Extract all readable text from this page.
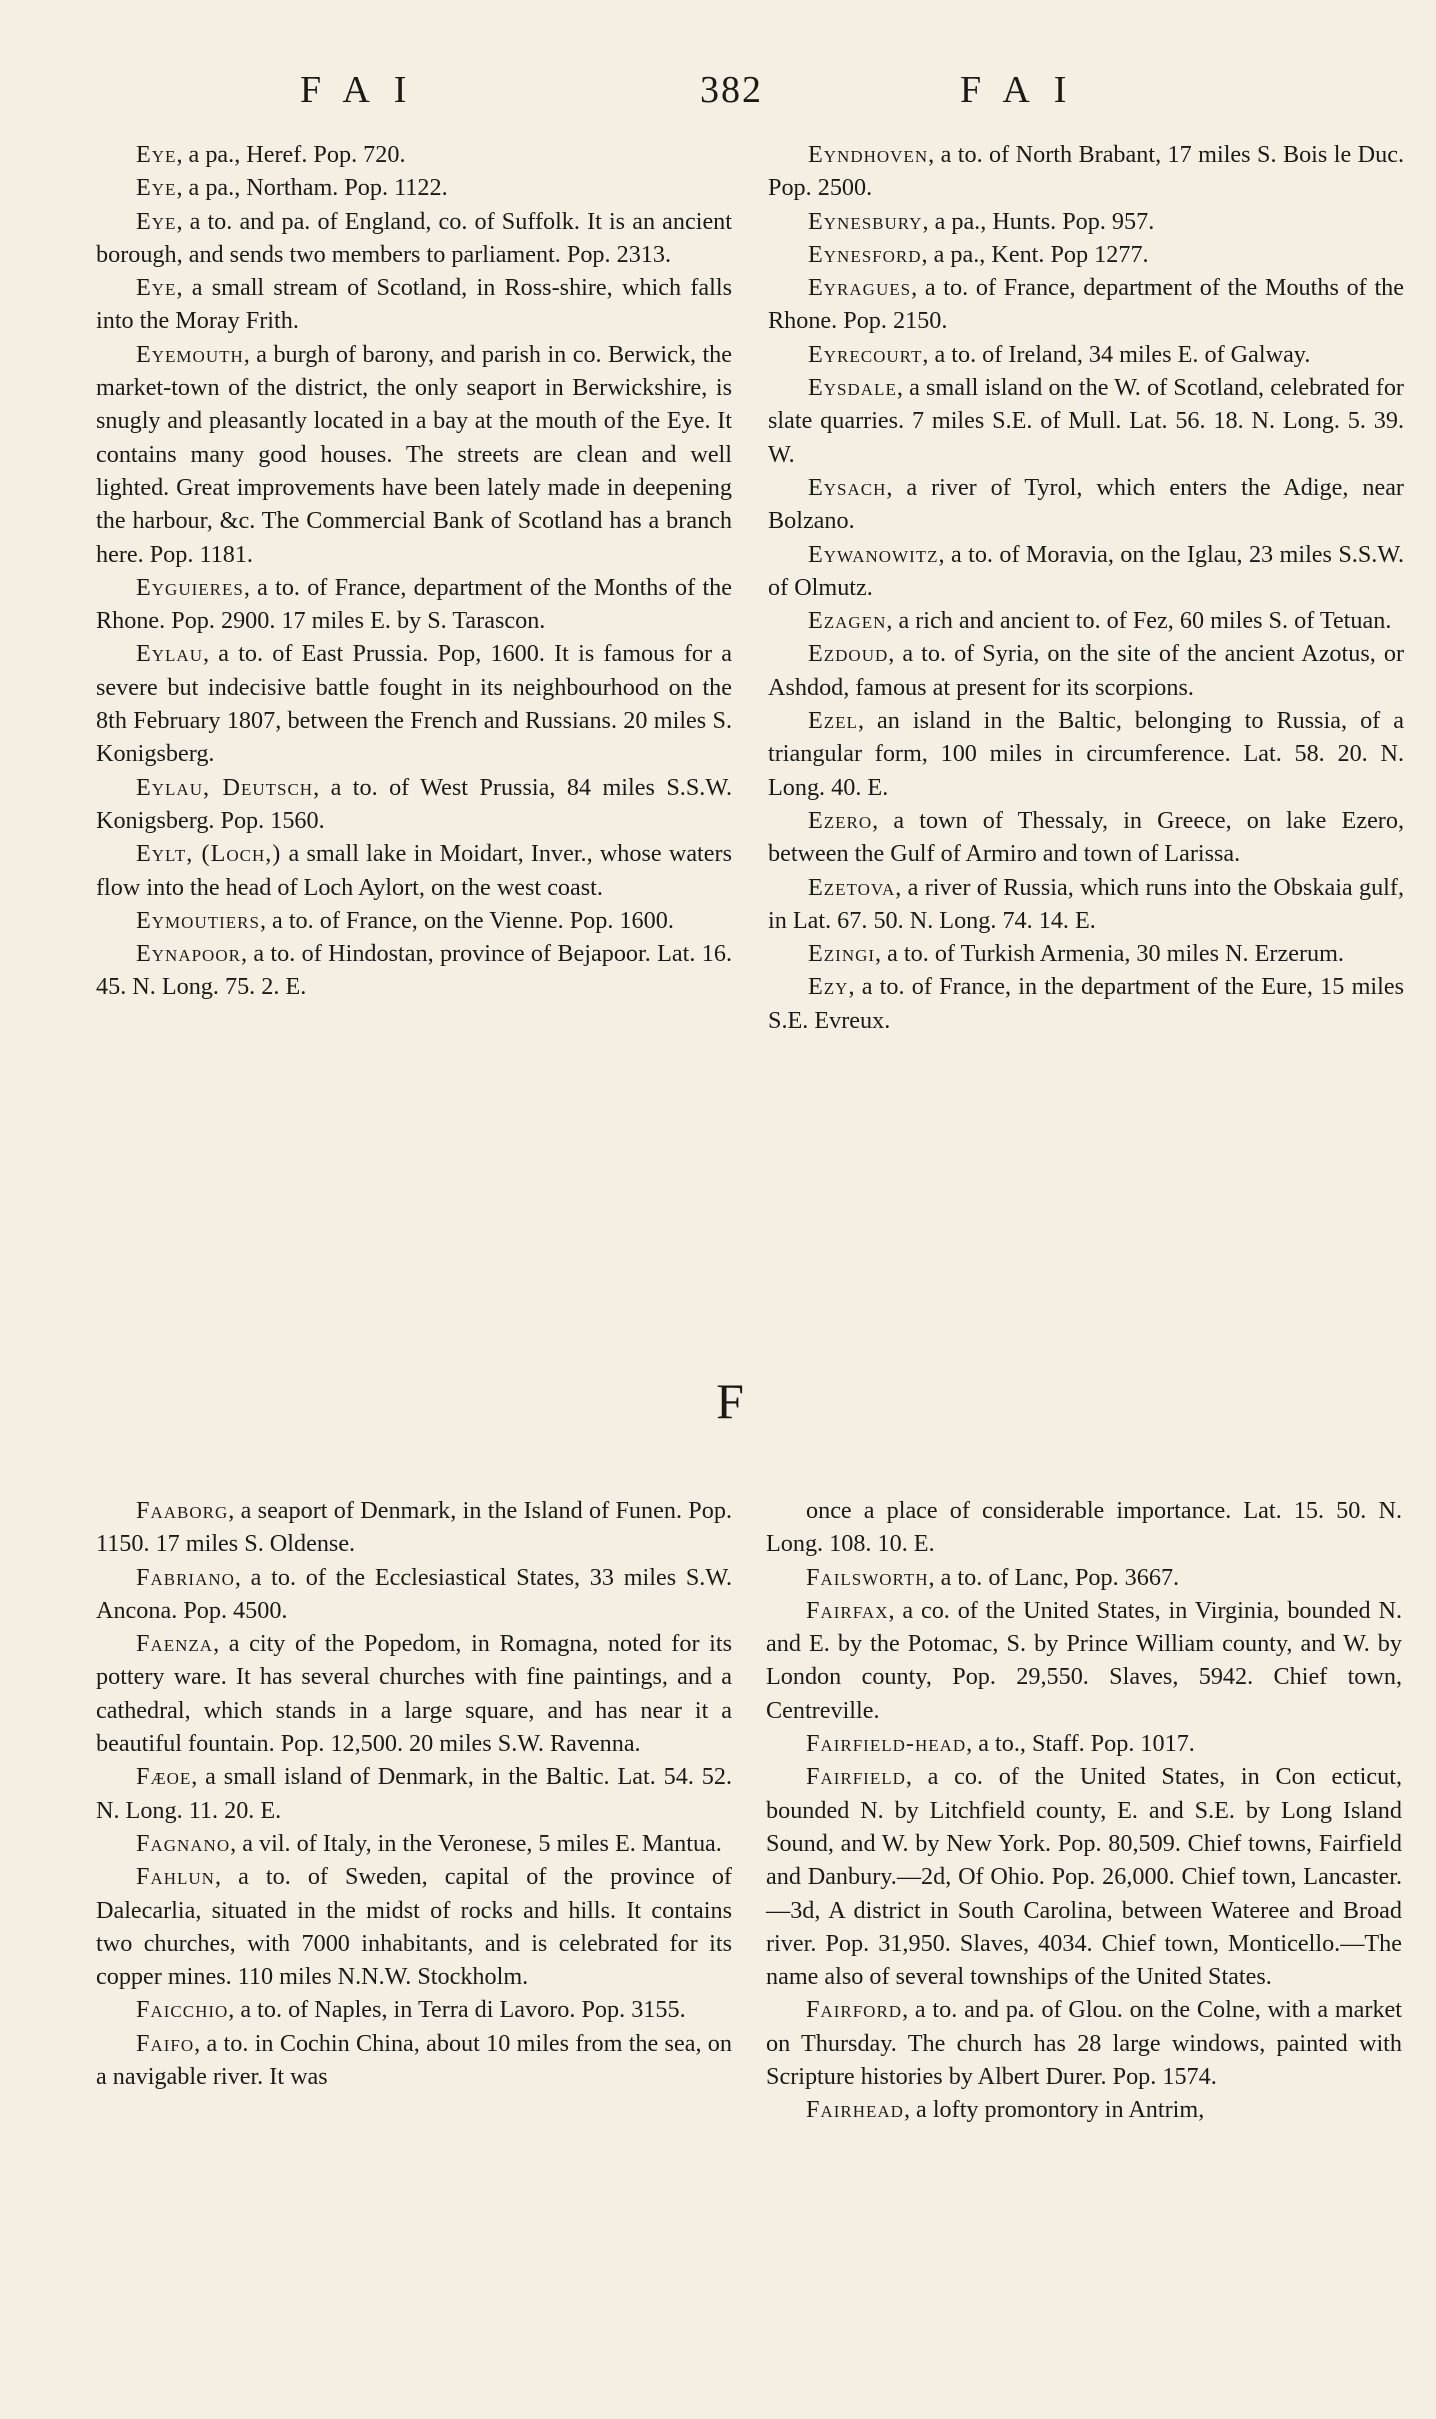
FAI	382	FAI

Eye, a pa., Heref. Pop. 720.

Eye, a pa., Northam. Pop. 1122.

Eye, a to. and pa. of England, co. of Suffolk. It is an ancient borough, and sends two members to parliament. Pop. 2313.

Eye, a small stream of Scotland, in Ross-shire, which falls into the Moray Frith.

Eyemouth, a burgh of barony, and parish in co. Berwick, the market-town of the district, the only seaport in Berwickshire, is snugly and pleasantly located in a bay at the mouth of the Eye. It contains many good houses. The streets are clean and well lighted. Great improvements have been lately made in deepening the harbour, &c. The Commercial Bank of Scotland has a branch here. Pop. 1181.

Eyguieres, a to. of France, department of the Months of the Rhone. Pop. 2900. 17 miles E. by S. Tarascon.

Eylau, a to. of East Prussia. Pop, 1600. It is famous for a severe but indecisive battle fought in its neighbourhood on the 8th February 1807, between the French and Russians. 20 miles S. Konigsberg.

Eylau, Deutsch, a to. of West Prussia, 84 miles S.S.W. Konigsberg. Pop. 1560.

Eylt, (Loch,) a small lake in Moidart, Inver., whose waters flow into the head of Loch Aylort, on the west coast.

Eymoutiers, a to. of France, on the Vienne. Pop. 1600.

Eynapoor, a to. of Hindostan, province of Bejapoor. Lat. 16. 45. N. Long. 75. 2. E.

Eyndhoven, a to. of North Brabant, 17 miles S. Bois le Duc. Pop. 2500.

Eynesbury, a pa., Hunts. Pop. 957.

Eynesford, a pa., Kent. Pop 1277.

Eyragues, a to. of France, department of the Mouths of the Rhone. Pop. 2150.

Eyrecourt, a to. of Ireland, 34 miles E. of Galway.

Eysdale, a small island on the W. of Scotland, celebrated for slate quarries. 7 miles S.E. of Mull. Lat. 56. 18. N. Long. 5. 39. W.

Eysach, a river of Tyrol, which enters the Adige, near Bolzano.

Eywanowitz, a to. of Moravia, on the Iglau, 23 miles S.S.W. of Olmutz.

Ezagen, a rich and ancient to. of Fez, 60 miles S. of Tetuan.

Ezdoud, a to. of Syria, on the site of the ancient Azotus, or Ashdod, famous at present for its scorpions.

Ezel, an island in the Baltic, belonging to Russia, of a triangular form, 100 miles in circumference. Lat. 58. 20. N. Long. 40. E.

Ezero, a town of Thessaly, in Greece, on lake Ezero, between the Gulf of Armiro and town of Larissa.

Ezetova, a river of Russia, which runs into the Obskaia gulf, in Lat. 67. 50. N. Long. 74. 14. E.

Ezingi, a to. of Turkish Armenia, 30 miles N. Erzerum.

Ezy, a to. of France, in the department of the Eure, 15 miles S.E. Evreux.

F

Faaborg, a seaport of Denmark, in the Island of Funen. Pop. 1150. 17 miles S. Oldense.

Fabriano, a to. of the Ecclesiastical States, 33 miles S.W. Ancona. Pop. 4500.

Faenza, a city of the Popedom, in Romagna, noted for its pottery ware. It has several churches with fine paintings, and a cathedral, which stands in a large square, and has near it a beautiful fountain. Pop. 12,500. 20 miles S.W. Ravenna.

Fæoe, a small island of Denmark, in the Baltic. Lat. 54. 52. N. Long. 11. 20. E.

Fagnano, a vil. of Italy, in the Veronese, 5 miles E. Mantua.

Fahlun, a to. of Sweden, capital of the province of Dalecarlia, situated in the midst of rocks and hills. It contains two churches, with 7000 inhabitants, and is celebrated for its copper mines. 110 miles N.N.W. Stockholm.

Faicchio, a to. of Naples, in Terra di Lavoro. Pop. 3155.

Faifo, a to. in Cochin China, about 10 miles from the sea, on a navigable river. It was

once a place of considerable importance. Lat. 15. 50. N. Long. 108. 10. E.

Failsworth, a to. of Lanc, Pop. 3667.

Fairfax, a co. of the United States, in Virginia, bounded N. and E. by the Potomac, S. by Prince William county, and W. by London county, Pop. 29,550. Slaves, 5942. Chief town, Centreville.

Fairfield-head, a to., Staff. Pop. 1017.

Fairfield, a co. of the United States, in Con ecticut, bounded N. by Litchfield county, E. and S.E. by Long Island Sound, and W. by New York. Pop. 80,509. Chief towns, Fairfield and Danbury.—2d, Of Ohio. Pop. 26,000. Chief town, Lancaster.—3d, A district in South Carolina, between Wateree and Broad river. Pop. 31,950. Slaves, 4034. Chief town, Monticello.—The name also of several townships of the United States.

Fairford, a to. and pa. of Glou. on the Colne, with a market on Thursday. The church has 28 large windows, painted with Scripture histories by Albert Durer. Pop. 1574.

Fairhead, a lofty promontory in Antrim,
